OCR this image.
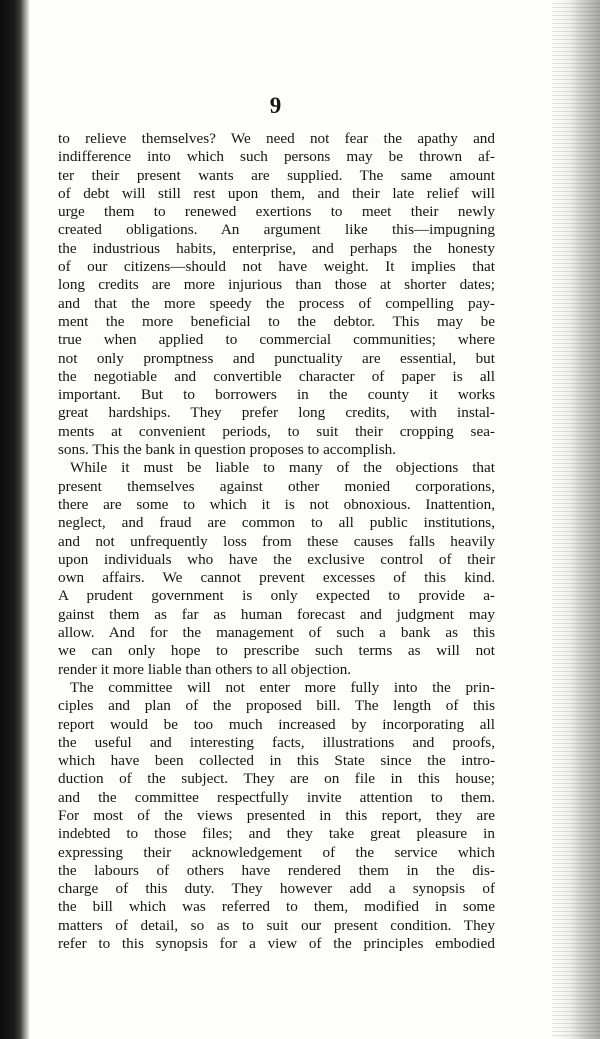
9
to relieve themselves? We need not fear the apathy and
indifference into which such persons may be thrown af-
ter their present wants are supplied. The same amount
of debt will still rest upon them, and their late relief will
urge them to renewed exertions to meet their newly
created obligations. An argument like this—impugning
the industrious habits, enterprise, and perhaps the honesty
of our citizens—should not have weight. It implies that
long credits are more injurious than those at shorter dates;
and that the more speedy the process of compelling pay-
ment the more beneficial to the debtor. This may be
true when applied to commercial communities; where
not only promptness and punctuality are essential, but
the negotiable and convertible character of paper is all
important. But to borrowers in the county it works
great hardships. They prefer long credits, with instal-
ments at convenient periods, to suit their cropping sea-
sons. This the bank in question proposes to accomplish.
While it must be liable to many of the objections that
present themselves against other monied corporations,
there are some to which it is not obnoxious. Inattention,
neglect, and fraud are common to all public institutions,
and not unfrequently loss from these causes falls heavily
upon individuals who have the exclusive control of their
own affairs. We cannot prevent excesses of this kind.
A prudent government is only expected to provide a-
gainst them as far as human forecast and judgment may
allow. And for the management of such a bank as this
we can only hope to prescribe such terms as will not
render it more liable than others to all objection.
The committee will not enter more fully into the prin-
ciples and plan of the proposed bill. The length of this
report would be too much increased by incorporating all
the useful and interesting facts, illustrations and proofs,
which have been collected in this State since the intro-
duction of the subject. They are on file in this house;
and the committee respectfully invite attention to them.
For most of the views presented in this report, they are
indebted to those files; and they take great pleasure in
expressing their acknowledgement of the service which
the labours of others have rendered them in the dis-
charge of this duty. They however add a synopsis of
the bill which was referred to them, modified in some
matters of detail, so as to suit our present condition. They
refer to this synopsis for a view of the principles embodied
